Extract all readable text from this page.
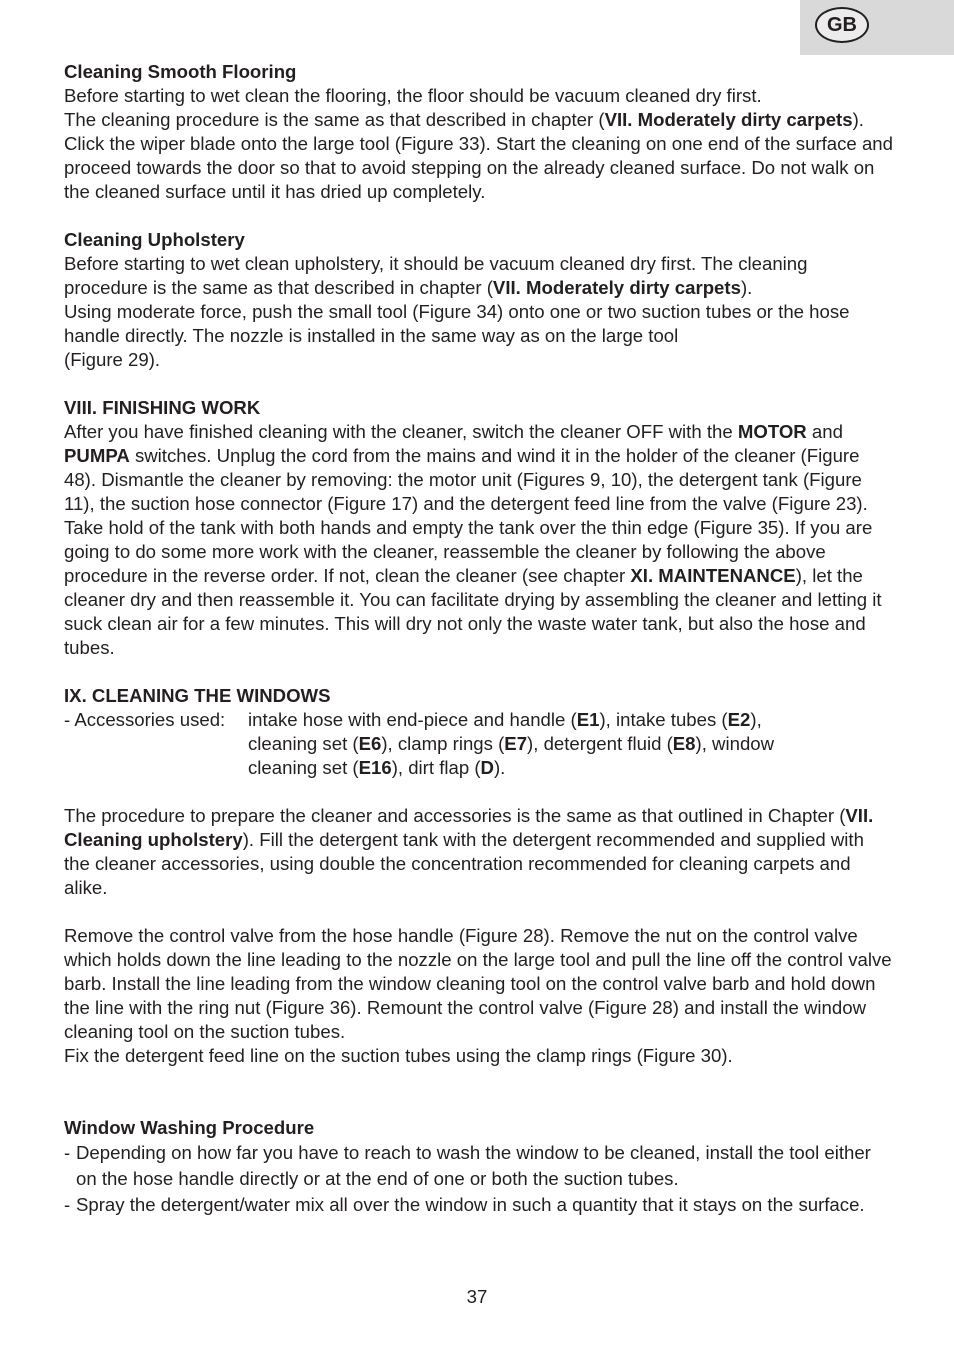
GB

Cleaning Smooth Flooring

Before starting to wet clean the flooring, the floor should be vacuum cleaned dry first.

The cleaning procedure is the same as that described in chapter (VII. Moderately dirty carpets). Click the wiper blade onto the large tool (Figure 33). Start the cleaning on one end of the surface and proceed towards the door so that to avoid stepping on the already cleaned surface. Do not walk on the cleaned surface until it has dried up completely.

Cleaning Upholstery

Before starting to wet clean upholstery, it should be vacuum cleaned dry first. The cleaning procedure is the same as that described in chapter (VII. Moderately dirty carpets).

Using moderate force, push the small tool (Figure 34) onto one or two suction tubes or the hose handle directly. The nozzle is installed in the same way as on the large tool

(Figure 29).

VIII. FINISHING WORK

After you have finished cleaning with the cleaner, switch the cleaner OFF with the MOTOR and PUMPA switches. Unplug the cord from the mains and wind it in the holder of the cleaner (Figure 48). Dismantle the cleaner by removing: the motor unit (Figures 9, 10), the detergent tank (Figure 11), the suction hose connector (Figure 17) and the detergent feed line from the valve (Figure 23). Take hold of the tank with both hands and empty the tank over the thin edge (Figure 35). If you are going to do some more work with the cleaner, reassemble the cleaner by following the above procedure in the reverse order. If not, clean the cleaner (see chapter XI. MAINTENANCE), let the cleaner dry and then reassemble it. You can facilitate drying by assembling the cleaner and letting it suck clean air for a few minutes. This will dry not only the waste water tank, but also the hose and tubes.

IX. CLEANING THE WINDOWS

- Accessories used: intake hose with end-piece and handle (E1), intake tubes (E2),

cleaning set (E6), clamp rings (E7), detergent fluid (E8), window

cleaning set (E16), dirt flap (D).

The procedure to prepare the cleaner and accessories is the same as that outlined in Chapter (VII. Cleaning upholstery). Fill the detergent tank with the detergent recommended and supplied with the cleaner accessories, using double the concentration recommended for cleaning carpets and alike.

Remove the control valve from the hose handle (Figure 28). Remove the nut on the control valve which holds down the line leading to the nozzle on the large tool and pull the line off the control valve barb. Install the line leading from the window cleaning tool on the control valve barb and hold down the line with the ring nut (Figure 36). Remount the control valve (Figure 28) and install the window cleaning tool on the suction tubes.

Fix the detergent feed line on the suction tubes using the clamp rings (Figure 30).

Window Washing Procedure

- Depending on how far you have to reach to wash the window to be cleaned, install the tool either on the hose handle directly or at the end of one or both the suction tubes.
- Spray the detergent/water mix all over the window in such a quantity that it stays on the surface.
37
